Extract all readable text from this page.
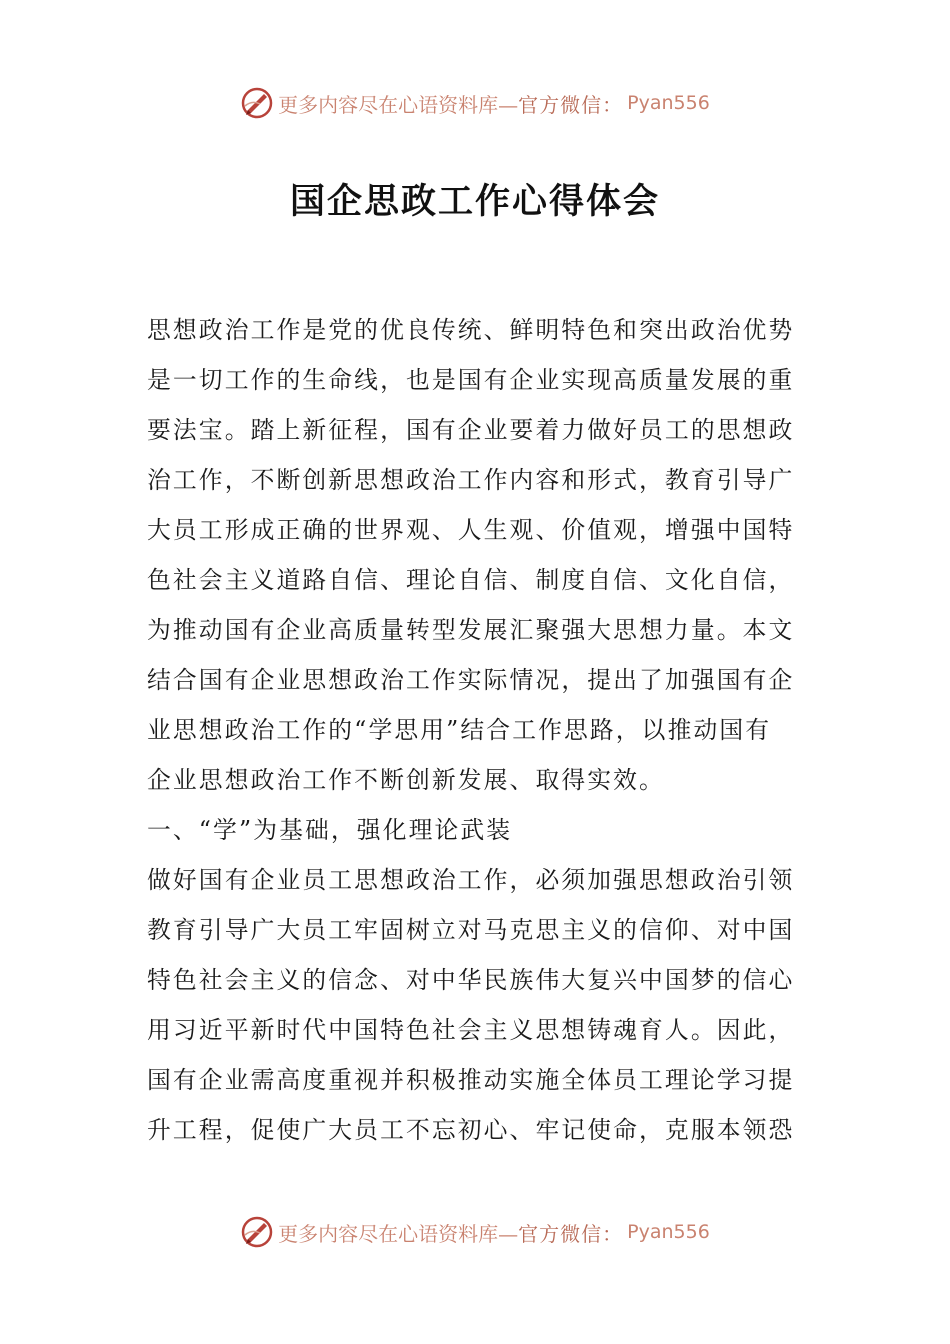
更多内容尽在心语资料库— 官方微信： Pyan556
国企思政工作心得体会
思想政治工作是党的优良传统、鲜明特色和突出政治优势
是一切工作的生命线，也是国有企业实现高质量发展的重
要法宝。踏上新征程，国有企业要着力做好员工的思想政
治工作，不断创新思想政治工作内容和形式，教育引导广
大员工形成正确的世界观、人生观、价值观，增强中国特
色社会主义道路自信、理论自信、制度自信、文化自信，
为推动国有企业高质量转型发展汇聚强大思想力量。本文
结合国有企业思想政治工作实际情况，提出了加强国有企
业思想政治工作的“学思用”结合工作思路，以推动国有
企业思想政治工作不断创新发展、取得实效。
一、“学”为基础，强化理论武装
做好国有企业员工思想政治工作，必须加强思想政治引领
教育引导广大员工牢固树立对马克思主义的信仰、对中国
特色社会主义的信念、对中华民族伟大复兴中国梦的信心
用习近平新时代中国特色社会主义思想铸魂育人。因此，
国有企业需高度重视并积极推动实施全体员工理论学习提
升工程，促使广大员工不忘初心、牢记使命，克服本领恐
更多内容尽在心语资料库— 官方微信： Pyan556
